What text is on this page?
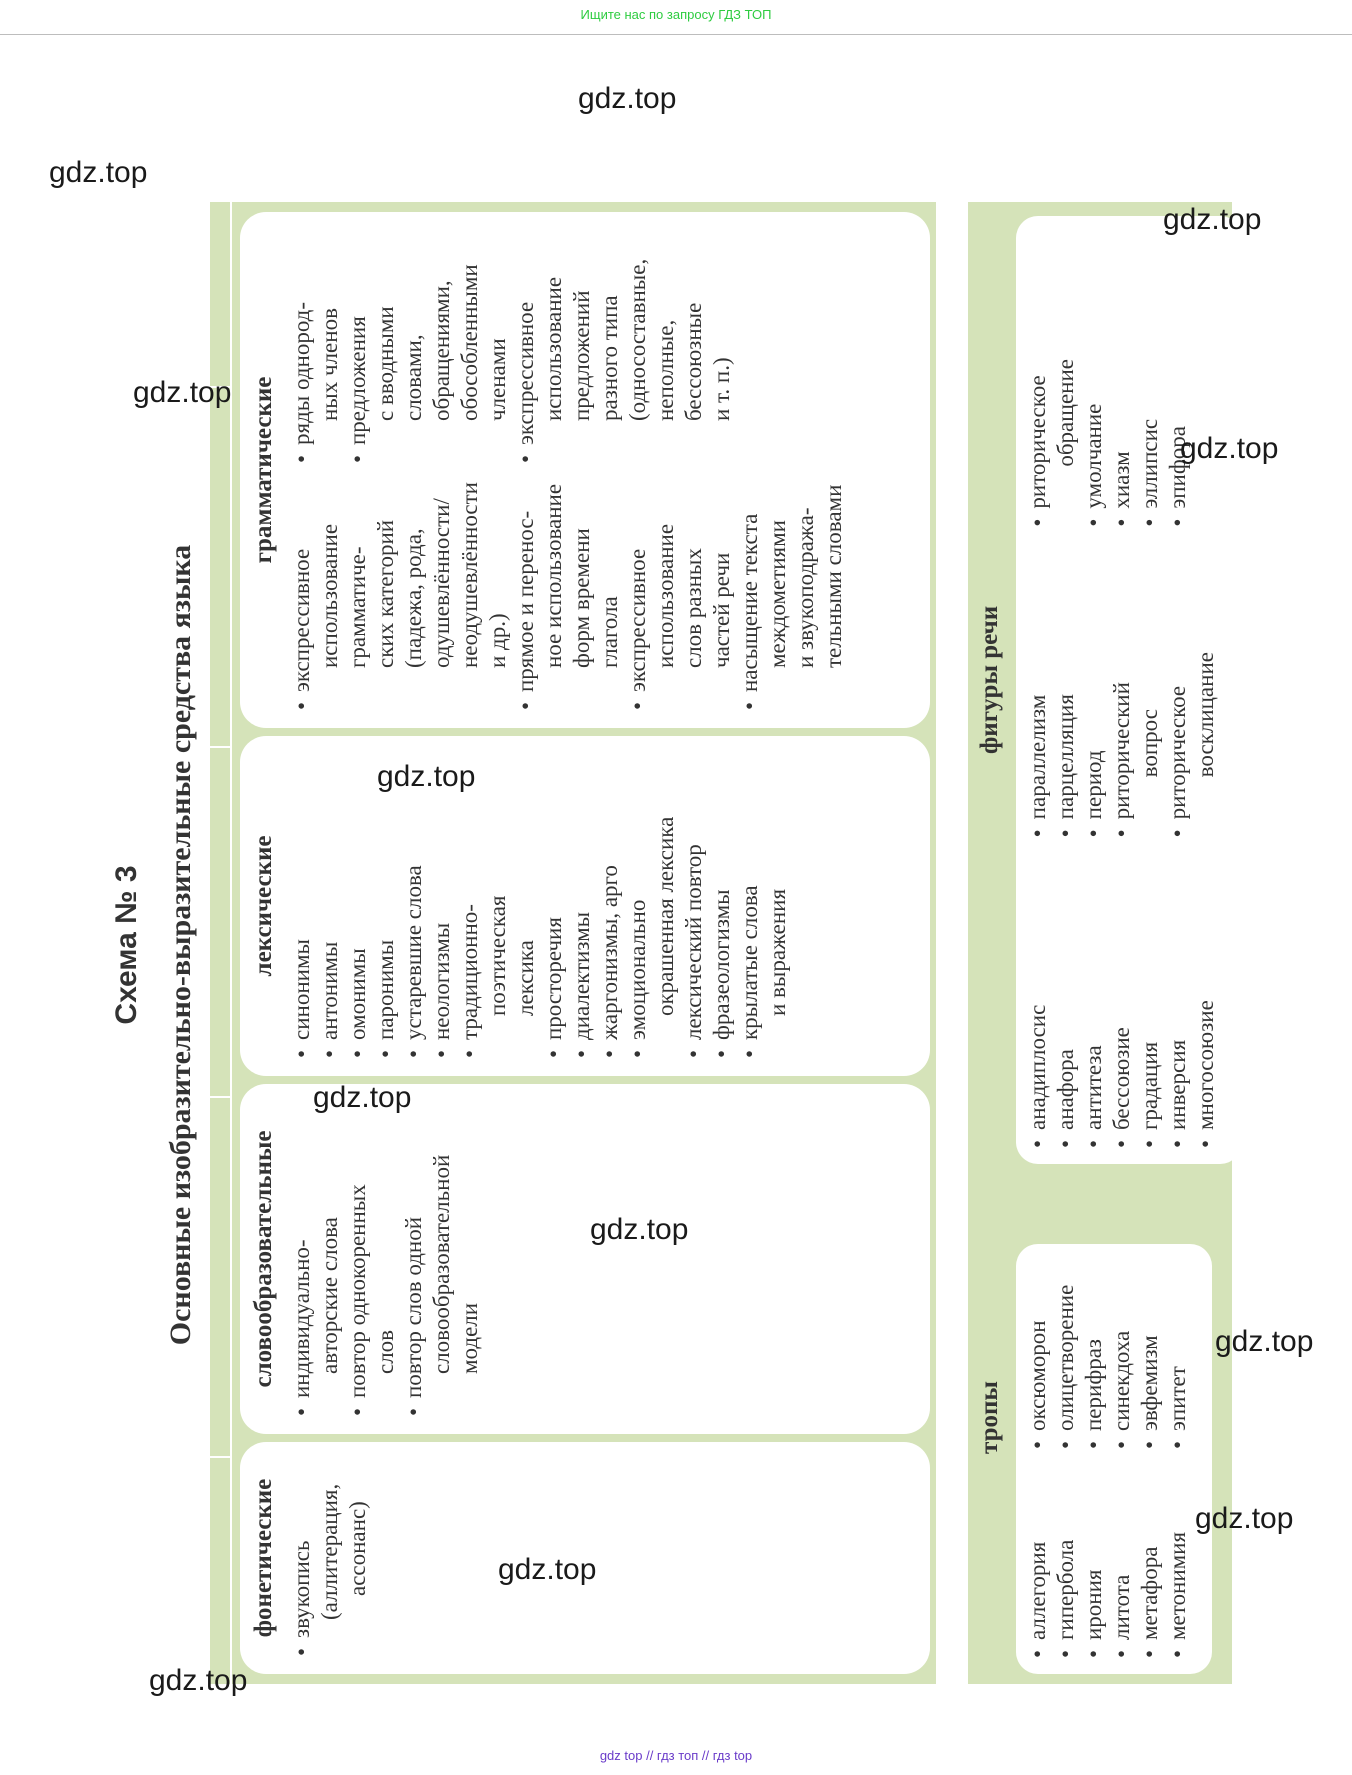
Ищите нас по запросу ГДЗ ТОП
gdz.top
gdz.top
gdz.top
gdz.top
gdz.top
gdz.top
gdz.top
gdz.top
gdz.top
gdz.top
gdz.top
gdz.top
Схема № 3 Основные изобразительно-выразительные средства языка
фонетические • звукопись (аллитерация, ассонанс)
словообразовательные • индивидуально- авторские слова • повтор однокоренных слов • повтор слов одной словообразовательной модели
лексические
• синонимы • антонимы • омонимы • паронимы • устаревшие слова • неологизмы • традиционно- поэтическая лексика • просторечия • диалектизмы • жаргонизмы, арго • эмоционально окрашенная лексика • лексический повтор • фразеологизмы • крылатые слова и выражения
грамматические
• экспрессивное использование грамматиче- ских категорий (падежа, рода, одушевлённости/ неодушевлённости и др.) • прямое и перенос- ное использование форм времени глагола • экспрессивное использование слов разных частей речи • насыщение текста междометиями и звукоподража- тельными словами
• ряды однород- ных членов • предложения с вводными словами, обращениями, обособленными членами • экспрессивное использование предложений разного типа (односоставные, неполные, бессоюзные и т. п.)
тропы
фигуры речи
• аллегория • гипербола • ирония • литота • метафора • метонимия
• оксюморон • олицетворение • перифраз • синекдоха • эвфемизм • эпитет
• анадиплосис • анафора • антитеза • бессоюзие • градация • инверсия • многосоюзие
• параллелизм • парцелляция • период • риторический вопрос • риторическое восклицание
• риторическое обращение • умолчание • хиазм • эллипсис • эпифора
gdz top // гдз топ // гдз top
